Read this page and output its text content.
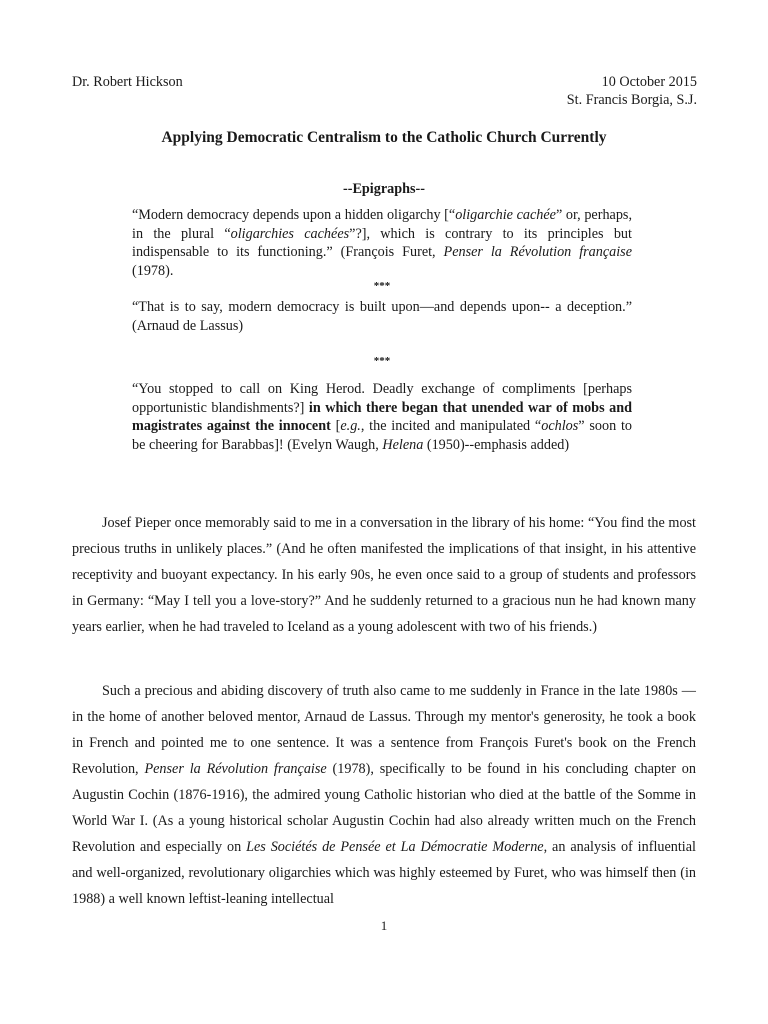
Dr. Robert Hickson	10 October 2015
St. Francis Borgia, S.J.
Applying Democratic Centralism to the Catholic Church Currently
--Epigraphs--
“Modern democracy depends upon a hidden oligarchy [“oligarchie cachée” or, perhaps, in the plural “oligarchies cachées”?], which is contrary to its principles but indispensable to its functioning.” (François Furet, Penser la Révolution française (1978).
***
“That is to say, modern democracy is built upon—and depends upon-- a deception.” (Arnaud de Lassus)
***
“You stopped to call on King Herod. Deadly exchange of compliments [perhaps opportunistic blandishments?] in which there began that unended war of mobs and magistrates against the innocent [e.g., the incited and manipulated “ochlos” soon to be cheering for Barabbas]! (Evelyn Waugh, Helena (1950)--emphasis added)
Josef Pieper once memorably said to me in a conversation in the library of his home: “You find the most precious truths in unlikely places.” (And he often manifested the implications of that insight, in his attentive receptivity and buoyant expectancy. In his early 90s, he even once said to a group of students and professors in Germany: “May I tell you a love-story?” And he suddenly returned to a gracious nun he had known many years earlier, when he had traveled to Iceland as a young adolescent with two of his friends.)
Such a precious and abiding discovery of truth also came to me suddenly in France in the late 1980s — in the home of another beloved mentor, Arnaud de Lassus. Through my mentor's generosity, he took a book in French and pointed me to one sentence. It was a sentence from François Furet's book on the French Revolution, Penser la Révolution française (1978), specifically to be found in his concluding chapter on Augustin Cochin (1876-1916), the admired young Catholic historian who died at the battle of the Somme in World War I. (As a young historical scholar Augustin Cochin had also already written much on the French Revolution and especially on Les Sociétés de Pensée et La Démocratie Moderne, an analysis of influential and well-organized, revolutionary oligarchies which was highly esteemed by Furet, who was himself then (in 1988) a well known leftist-leaning intellectual
1
